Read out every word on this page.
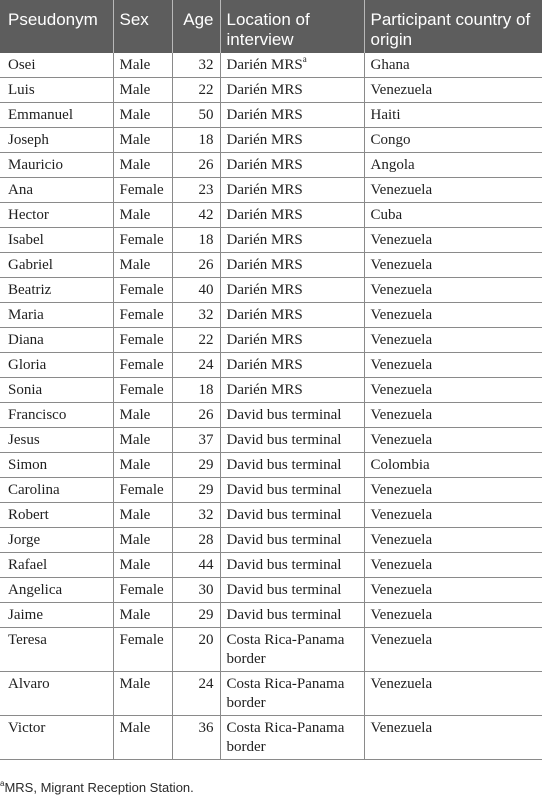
Pseudonym	Sex	Age	Location of interview	Participant country of origin
Osei	Male	32	Darién MRS$^a$	Ghana
Luis	Male	22	Darién MRS	Venezuela
Emmanuel	Male	50	Darién MRS	Haiti
Joseph	Male	18	Darién MRS	Congo
Mauricio	Male	26	Darién MRS	Angola
Ana	Female	23	Darién MRS	Venezuela
Hector	Male	42	Darién MRS	Cuba
Isabel	Female	18	Darién MRS	Venezuela
Gabriel	Male	26	Darién MRS	Venezuela
Beatriz	Female	40	Darién MRS	Venezuela
Maria	Female	32	Darién MRS	Venezuela
Diana	Female	22	Darién MRS	Venezuela
Gloria	Female	24	Darién MRS	Venezuela
Sonia	Female	18	Darién MRS	Venezuela
Francisco	Male	26	David bus terminal	Venezuela
Jesus	Male	37	David bus terminal	Venezuela
Simon	Male	29	David bus terminal	Colombia
Carolina	Female	29	David bus terminal	Venezuela
Robert	Male	32	David bus terminal	Venezuela
Jorge	Male	28	David bus terminal	Venezuela
Rafael	Male	44	David bus terminal	Venezuela
Angelica	Female	30	David bus terminal	Venezuela
Jaime	Male	29	David bus terminal	Venezuela
Teresa	Female	20	Costa Rica-Panama border	Venezuela
Alvaro	Male	24	Costa Rica-Panama border	Venezuela
Victor	Male	36	Costa Rica-Panama border	Venezuela
$^a$MRS, Migrant Reception Station.
